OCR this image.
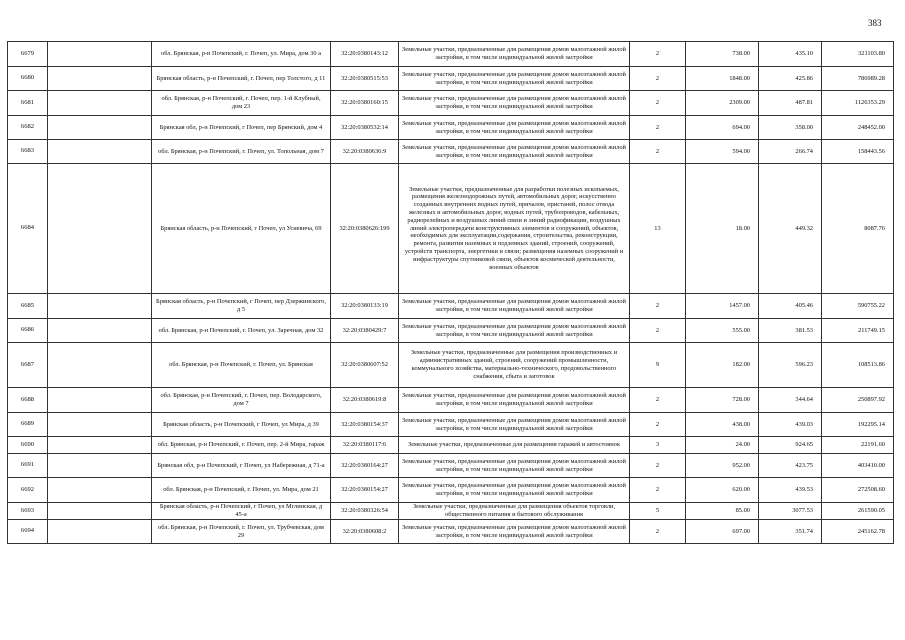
383
6679		обл. Брянская, р-н Почепский, г. Почеп, ул. Мира, дом 30 а	32:20:0380143:12	Земельные участки, предназначенные для размещения домов малоэтажной жилой застройки, в том числе индивидуальной жилой застройки	2	738.00	435.10	321103.80
6680		Брянская область, р-н Почепский, г. Почеп, пер Толстого, д 11	32:20:0380515:53	Земельные участки, предназначенные для размещения домов малоэтажной жилой застройки, в том числе индивидуальной жилой застройки	2	1848.00	425.86	786989.28
6681		обл. Брянская, р-н Почепский, г. Почеп, пер. 1-й Клубный, дом 23	32:20:0380160:15	Земельные участки, предназначенные для размещения домов малоэтажной жилой застройки, в том числе индивидуальной жилой застройки	2	2309.00	487.81	1126353.29
6682		Брянская обл, р-н Почепский, г Почеп, пер Брянский, дом 4	32:20:0380532:14	Земельные участки, предназначенные для размещения домов малоэтажной жилой застройки, в том числе индивидуальной жилой застройки	2	694.00	358.00	248452.00
6683		обл. Брянская, р-н Почепский, г. Почеп, ул. Топольная, дом 7	32:20:0380636:9	Земельные участки, предназначенные для размещения домов малоэтажной жилой застройки, в том числе индивидуальной жилой застройки	2	594.00	266.74	158443.56
6684		Брянская область, р-н Почепский, г Почеп, ул Усиевича, 69	32:20:0380626:199	Земельные участки, предназначенные для разработки полезных ископаемых, размещения железнодорожных путей, автомобильных дорог, искусственно созданных внутренних водных путей, причалов, пристаней, полос отвода железных и автомобильных дорог, водных путей, трубопроводов, кабельных, радиорелейных и воздушных линий связи и линий радиофикации, воздушных линий электропередачи конструктивных элементов и сооружений, объектов, необходимых для эксплуатации,содержания, строительства, реконструкции, ремонта, развития наземных и подземных зданий, строений, сооружений, устройств транспорта, энергетики и связи; размещения наземных сооружений и инфраструктуры спутниковой связи, объектов космической деятельности, военных объектов	13	18.00	449.32	8087.76
6685		Брянская область, р-н Почепский, г Почеп, пер Дзержинского, д 5	32:20:0380133:19	Земельные участки, предназначенные для размещения домов малоэтажной жилой застройки, в том числе индивидуальной жилой застройки	2	1457.00	405.46	590755.22
6686		обл. Брянская, р-н Почепский, г. Почеп, ул. Заречная, дом 32	32:20:0380429:7	Земельные участки, предназначенные для размещения домов малоэтажной жилой застройки, в том числе индивидуальной жилой застройки	2	555.00	381.53	211749.15
6687		обл. Брянская, р-н Почепский, г. Почеп, ул. Брянская	32:20:0380607:52	Земельные участки, предназначенные для размещения производственных и административных зданий, строений, сооружений промышленности, коммунального хозяйства, материально-технического, продовольственного снабжения, сбыта и заготовок	9	182.00	596.23	108513.86
6688		обл. Брянская, р-н Почепский, г. Почеп, пер. Володарского, дом 7	32:20:0380619:8	Земельные участки, предназначенные для размещения домов малоэтажной жилой застройки, в том числе индивидуальной жилой застройки	2	728.00	344.64	250897.92
6689		Брянская область, р-н Почепский, г Почеп, ул Мира, д 39	32:20:0380154:37	Земельные участки, предназначенные для размещения домов малоэтажной жилой застройки, в том числе индивидуальной жилой застройки	2	438.00	439.03	192295.14
6690		обл. Брянская, р-н Почепский, г. Почеп, пер. 2-й Мира, гараж	32:20:0380117:6	Земельные участки, предназначенные для размещения гаражей и автостоянок	3	24.00	924.65	22191.60
6691		Брянская обл, р-н Почепский, г Почеп, ул Набережная, д 71-а	32:20:0380164:27	Земельные участки, предназначенные для размещения домов малоэтажной жилой застройки, в том числе индивидуальной жилой застройки	2	952.00	423.75	403410.00
6692		обл. Брянская, р-н Почепский, г. Почеп, ул. Мира, дом 21	32:20:0380154:27	Земельные участки, предназначенные для размещения домов малоэтажной жилой застройки, в том числе индивидуальной жилой застройки	2	620.00	439.53	272508.60
6693		Брянская область, р-н Почепский, г Почеп, ул Мглинская, д 45-а	32:20:0380326:54	Земельные участки, предназначенные для размещения объектов торговли, общественного питания и бытового обслуживания	5	85.00	3077.53	261590.05
6694		обл. Брянская, р-н Почепский, г. Почеп, ул. Трубчевская, дом 29	32:20:0380608:2	Земельные участки, предназначенные для размещения домов малоэтажной жилой застройки, в том числе индивидуальной жилой застройки	2	697.00	351.74	245162.78
